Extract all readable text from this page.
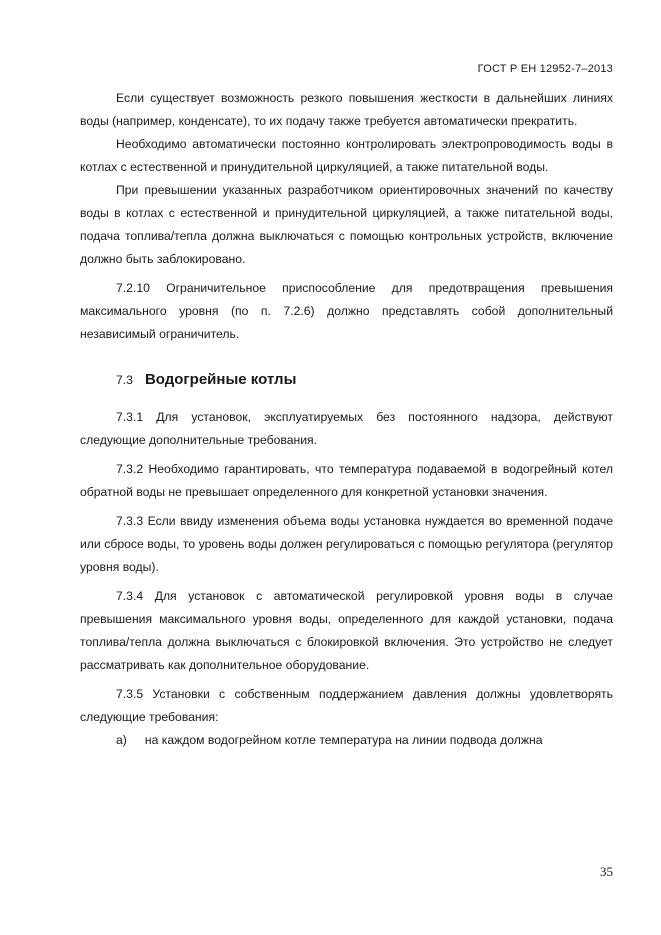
ГОСТ Р ЕН 12952-7–2013

Если существует возможность резкого повышения жесткости в дальнейших линиях воды (например, конденсате), то их подачу также требуется автоматически прекратить.

Необходимо автоматически постоянно контролировать электропроводимость воды в котлах с естественной и принудительной циркуляцией, а также питательной воды.

При превышении указанных разработчиком ориентировочных значений по качеству воды в котлах с естественной и принудительной циркуляцией, а также питательной воды, подача топлива/тепла должна выключаться с помощью контрольных устройств, включение должно быть заблокировано.

7.2.10 Ограничительное приспособление для предотвращения превышения максимального уровня (по п. 7.2.6) должно представлять собой дополнительный независимый ограничитель.

7.3 Водогрейные котлы

7.3.1 Для установок, эксплуатируемых без постоянного надзора, действуют следующие дополнительные требования.

7.3.2 Необходимо гарантировать, что температура подаваемой в водогрейный котел обратной воды не превышает определенного для конкретной установки значения.

7.3.3 Если ввиду изменения объема воды установка нуждается во временной подаче или сбросе воды, то уровень воды должен регулироваться с помощью регулятора (регулятор уровня воды).

7.3.4 Для установок с автоматической регулировкой уровня воды в случае превышения максимального уровня воды, определенного для каждой установки, подача топлива/тепла должна выключаться с блокировкой включения. Это устройство не следует рассматривать как дополнительное оборудование.

7.3.5 Установки с собственным поддержанием давления должны удовлетворять следующие требования:

а) на каждом водогрейном котле температура на линии подвода должна
35
